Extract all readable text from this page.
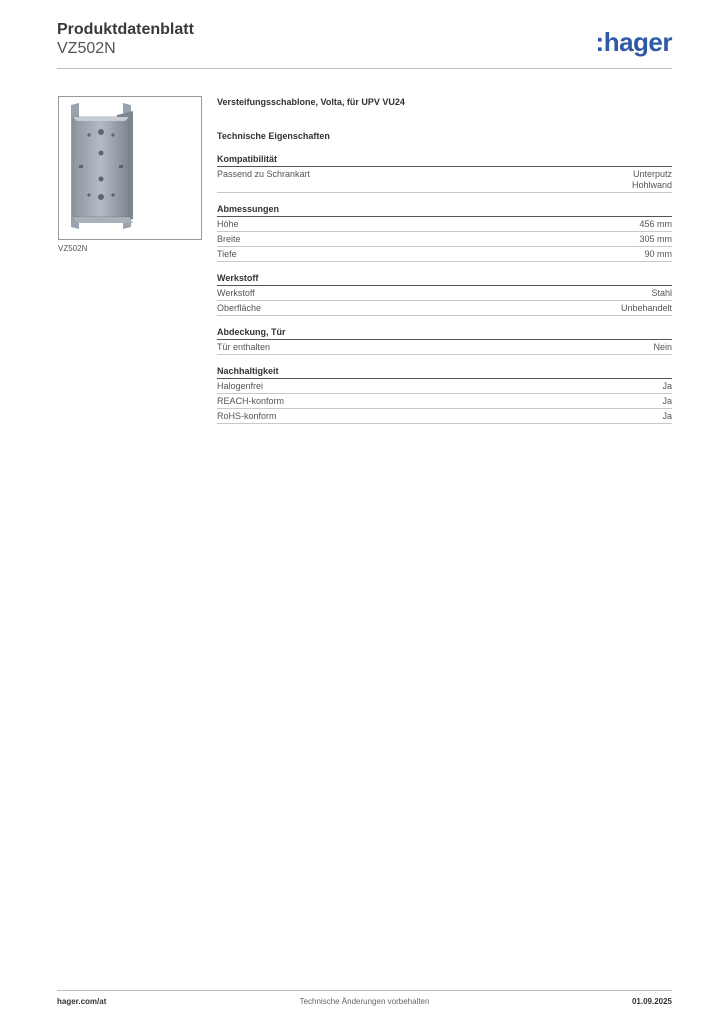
Produktdatenblatt
VZ502N	:hager
VZ502N
Versteifungsschablone, Volta, für UPV VU24
Technische Eigenschaften
Kompatibilität
Passend zu Schrankart	Unterputz
Hohlwand
Abmessungen
Höhe	456 mm
Breite	305 mm
Tiefe	90 mm
Werkstoff
Werkstoff	Stahl
Oberfläche	Unbehandelt
Abdeckung, Tür
Tür enthalten	Nein
Nachhaltigkeit
Halogenfrei	Ja
REACH-konform	Ja
RoHS-konform	Ja
hager.com/at	Technische Änderungen vorbehalten	01.09.2025
